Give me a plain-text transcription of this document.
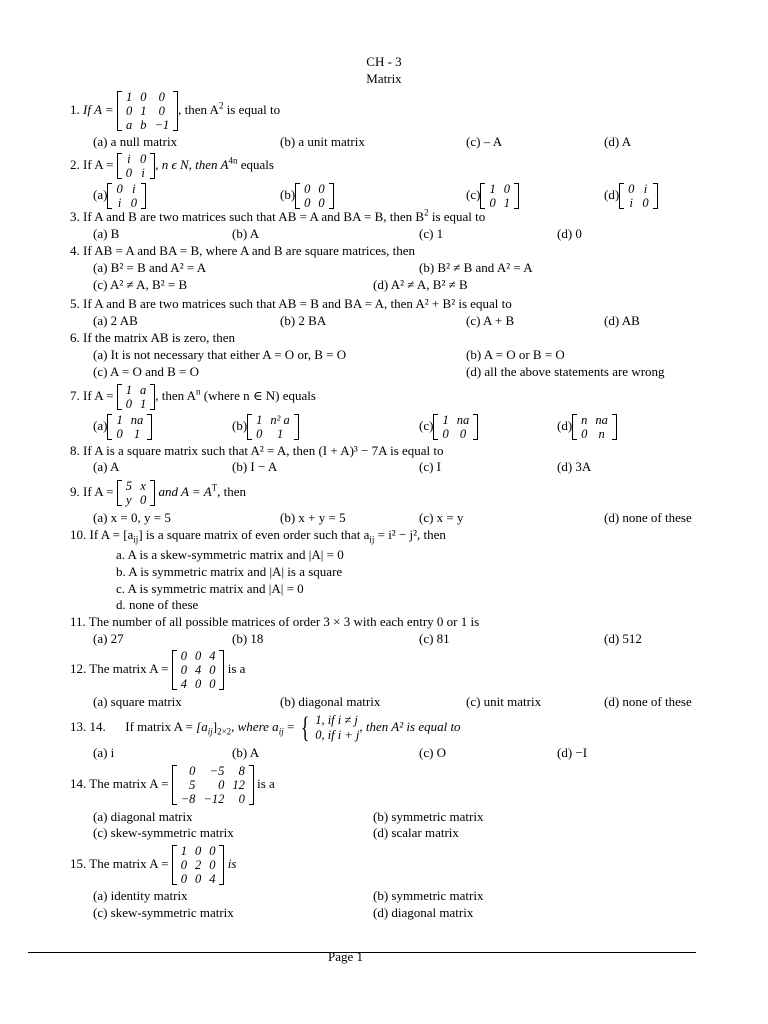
CH - 3
Matrix
1. If A =
1	0	0
0	1	0
a	b	−1
, then $A^2$ is equal to
(a) a null matrix	(b) a unit matrix	(c) – A	(d) A
2. If A = i	0
0	i
, n ϵ N, then $A^{4n}$ equals
(a) 0	i
i	0
(b) 0	0
0	0
(c) 1	0
0	1
(d) 0	i
i	0
3. If A and B are two matrices such that AB = A and BA = B, then $B^2$ is equal to
(a) B	(b) A	(c) 1	(d) 0
4. If AB = A and BA = B, where A and B are square matrices, then
(a) B² = B and A² = A	(b) B² ≠ B and A² = A
(c) A² ≠ A, B² = B	(d) A² ≠ A, B² ≠ B
5. If A and B are two matrices such that AB = B and BA = A, then A² + B² is equal to
(a) 2 AB	(b) 2 BA	(c) A + B	(d) AB
6. If the matrix AB is zero, then
(a) It is not necessary that either A = O or, B = O	(b) A = O or B = O
(c) A = O and B = O	(d) all the above statements are wrong
7. If A = 1	a
0	1
, then $A^n$ (where n ∈ N) equals
(a) 1	na
0	1
(b) 1	n² a
0	1
(c) 1	na
0	0
(d) n	na
0	n
8. If A is a square matrix such that A² = A, then (I + A)³ − 7A is equal to
(a) A	(b) I − A	(c) I	(d) 3A
9. If A = 5	x
y	0
and $A = A^T$, then
(a) x = 0, y = 5	(b) x + y = 5	(c) x = y	(d) none of these
10. If $A = [a_{ij}]$ is a square matrix of even order such that $a_{ij} = i^2 - j^2$, then
a. A is a skew-symmetric matrix and |A| = 0
b. A is symmetric matrix and |A| is a square
c. A is symmetric matrix and |A| = 0
d. none of these
11. The number of all possible matrices of order 3 × 3 with each entry 0 or 1 is
(a) 27	(b) 18	(c) 81	(d) 512
12. The matrix A =
0	0	4
0	4	0
4	0	0
is a
(a) square matrix	(b) diagonal matrix	(c) unit matrix	(d) none of these
13. 14. If matrix $A = [a_{ij}]_{2\times 2}$, where $a_{ij}$ = { 1, if i ≠ j
0, if i + j, then A² is equal to
(a) i	(b) A	(c) O	(d) −I
14. The matrix A =
0	−5	8
5	0	12
−8	−12	0
is a
(a) diagonal matrix	(b) symmetric matrix
(c) skew-symmetric matrix	(d) scalar matrix
15. The matrix A =
1	0	0
0	2	0
0	0	4
is
(a) identity matrix	(b) symmetric matrix
(c) skew-symmetric matrix	(d) diagonal matrix
Page 1
